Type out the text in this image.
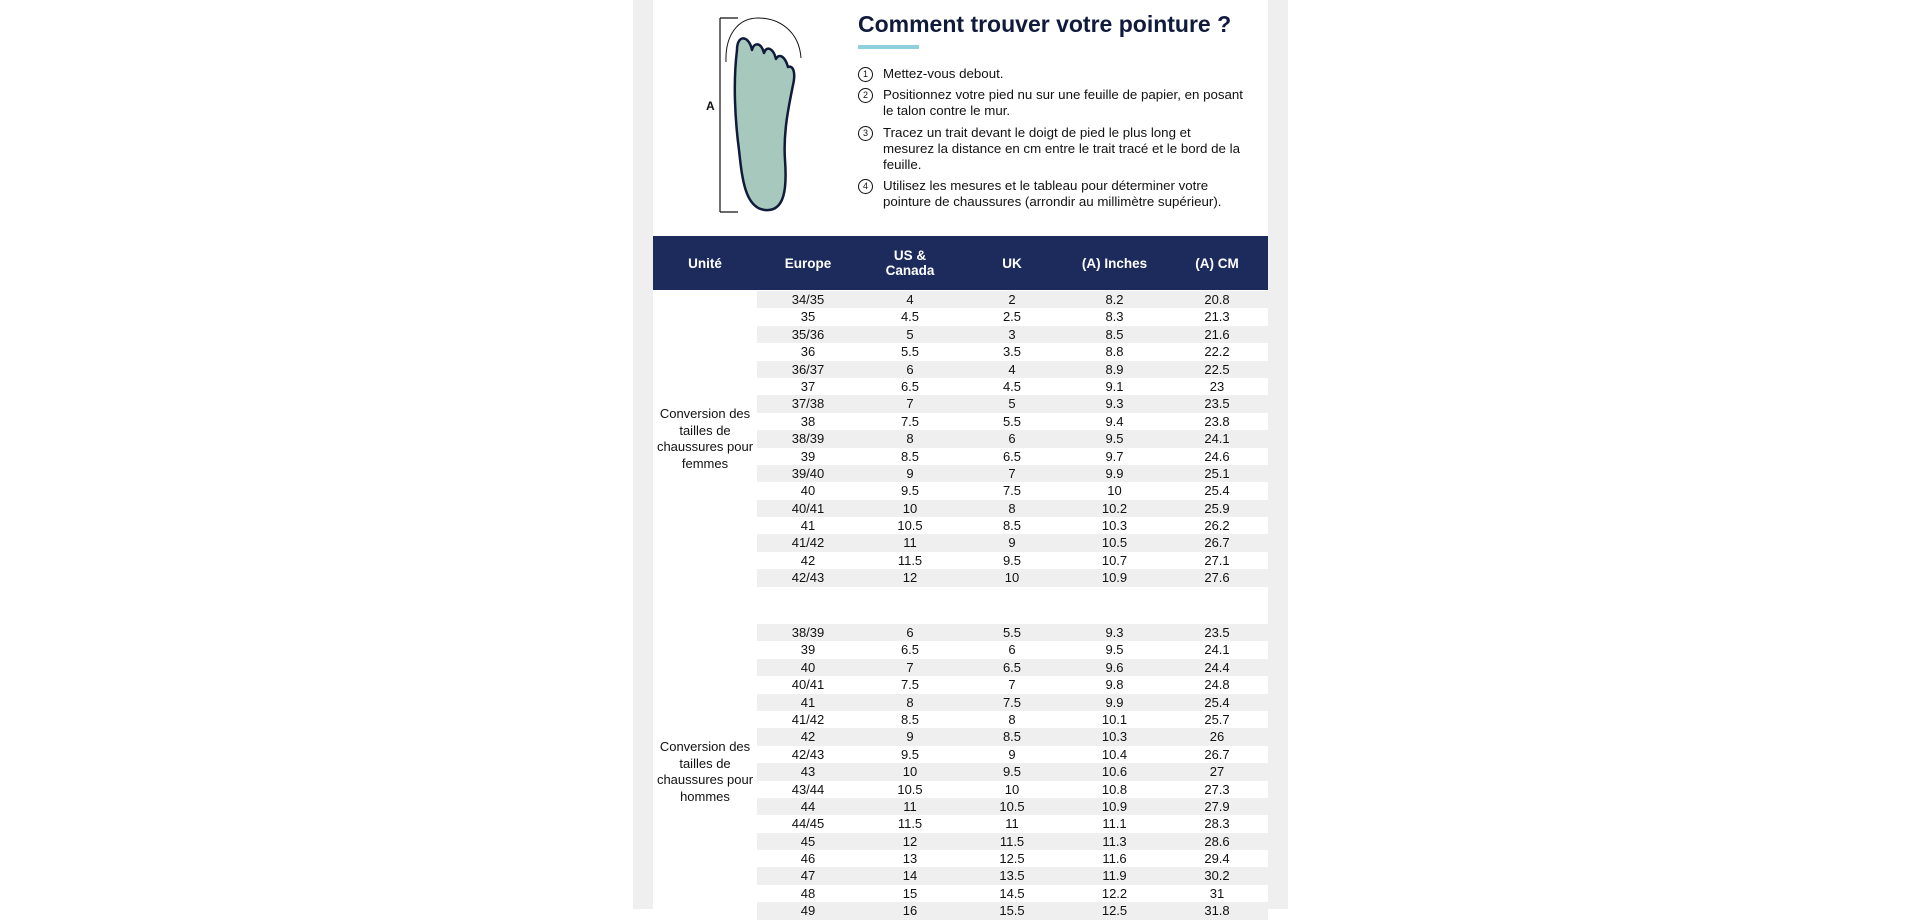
A
Comment trouver votre pointure ?
1	Mettez-vous debout.
2	Positionnez votre pied nu sur une feuille de papier, en posant le talon contre le mur.
3	Tracez un trait devant le doigt de pied le plus long et mesurez la distance en cm entre le trait tracé et le bord de la feuille.
4	Utilisez les mesures et le tableau pour déterminer votre pointure de chaussures (arrondir au millimètre supérieur).
Unité	Europe	US & Canada	UK	(A) Inches	(A) CM
Conversion des tailles de chaussures pour femmes
34/35	4	2	8.2	20.8
35	4.5	2.5	8.3	21.3
35/36	5	3	8.5	21.6
36	5.5	3.5	8.8	22.2
36/37	6	4	8.9	22.5
37	6.5	4.5	9.1	23
37/38	7	5	9.3	23.5
38	7.5	5.5	9.4	23.8
38/39	8	6	9.5	24.1
39	8.5	6.5	9.7	24.6
39/40	9	7	9.9	25.1
40	9.5	7.5	10	25.4
40/41	10	8	10.2	25.9
41	10.5	8.5	10.3	26.2
41/42	11	9	10.5	26.7
42	11.5	9.5	10.7	27.1
42/43	12	10	10.9	27.6
Conversion des tailles de chaussures pour hommes
38/39	6	5.5	9.3	23.5
39	6.5	6	9.5	24.1
40	7	6.5	9.6	24.4
40/41	7.5	7	9.8	24.8
41	8	7.5	9.9	25.4
41/42	8.5	8	10.1	25.7
42	9	8.5	10.3	26
42/43	9.5	9	10.4	26.7
43	10	9.5	10.6	27
43/44	10.5	10	10.8	27.3
44	11	10.5	10.9	27.9
44/45	11.5	11	11.1	28.3
45	12	11.5	11.3	28.6
46	13	12.5	11.6	29.4
47	14	13.5	11.9	30.2
48	15	14.5	12.2	31
49	16	15.5	12.5	31.8
